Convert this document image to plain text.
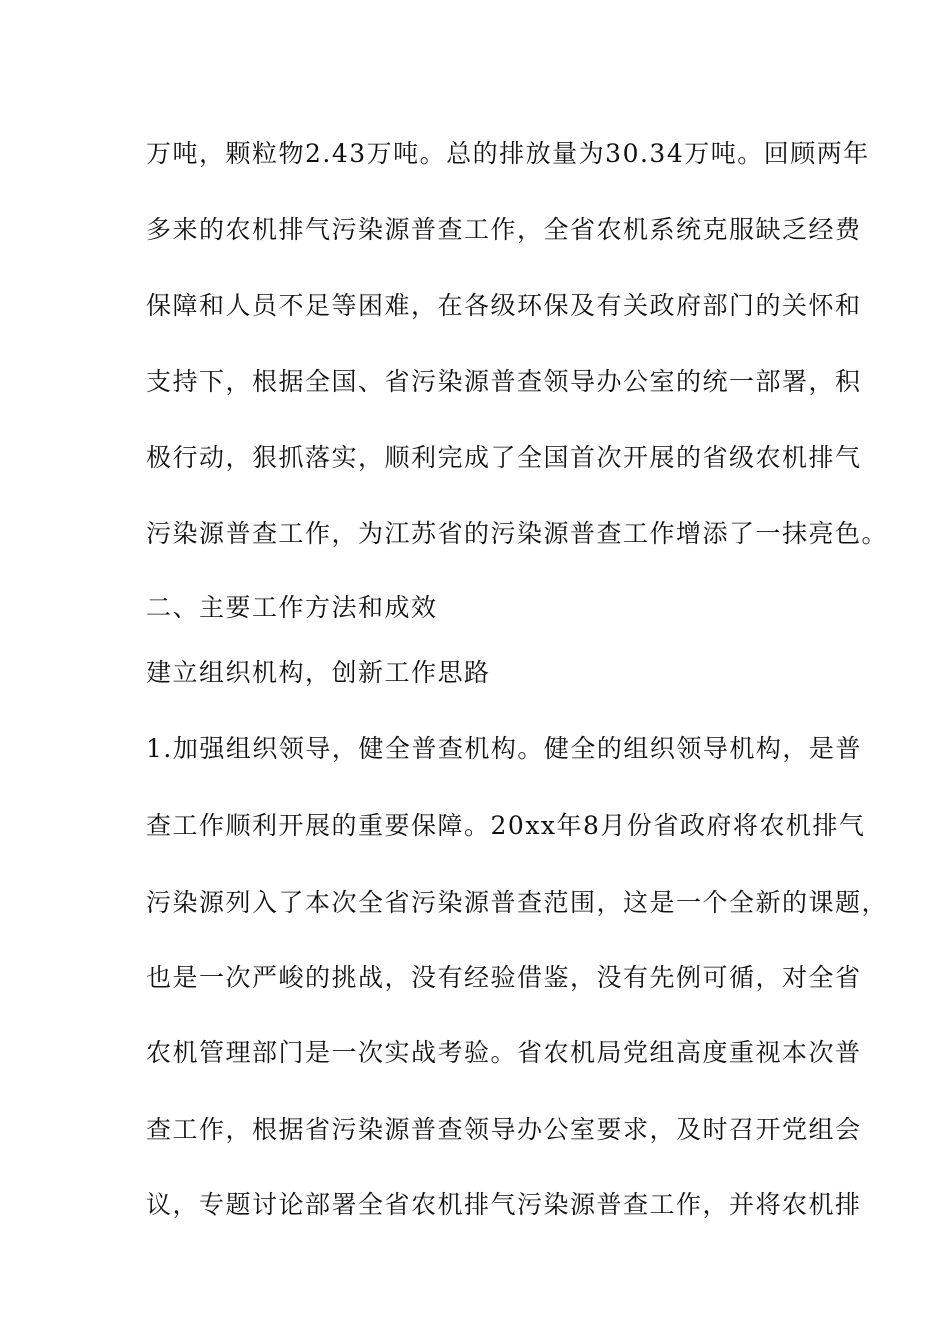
万吨，颗粒物2.43万吨。总的排放量为30.34万吨。回顾两年
多来的农机排气污染源普查工作，全省农机系统克服缺乏经费
保障和人员不足等困难，在各级环保及有关政府部门的关怀和
支持下，根据全国、省污染源普查领导办公室的统一部署，积
极行动，狠抓落实，顺利完成了全国首次开展的省级农机排气
污染源普查工作，为江苏省的污染源普查工作增添了一抹亮色。
二、主要工作方法和成效
建立组织机构，创新工作思路
1.加强组织领导，健全普查机构。健全的组织领导机构，是普
查工作顺利开展的重要保障。20xx年8月份省政府将农机排气
污染源列入了本次全省污染源普查范围，这是一个全新的课题，
也是一次严峻的挑战，没有经验借鉴，没有先例可循，对全省
农机管理部门是一次实战考验。省农机局党组高度重视本次普
查工作，根据省污染源普查领导办公室要求，及时召开党组会
议，专题讨论部署全省农机排气污染源普查工作，并将农机排
